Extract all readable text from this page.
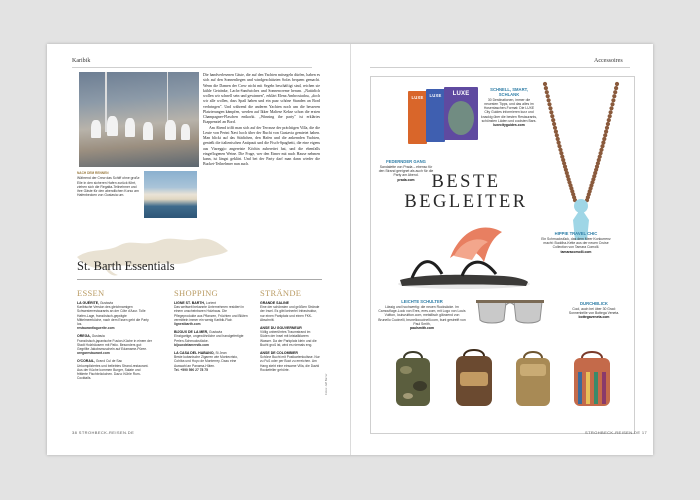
Karibik
NACH DEM RENNEN
Während der Crew das Schiff ohne große Eile in den sicheren Hafen zurück führt, ziehen sich die Regatta-Teilnehmer und ihre Gäste für den abendlichen Korso am Hafenbecken von Gustavia um.

Die handverlesenen Gäste, die auf den Yachten mitsegeln dürfen, haben es sich auf den Sonnenliegen und windgeschützten Sofas bequem gemacht. Wenn die Damen der Crew nicht mit Segeln beschäftigt sind, reichen sie kühle Getränke, Lachs-Sandwiches und Sonnencreme herum. „Natürlich wollen wir schnell sein und gewinnen", erklärt Elena Ambrosiadou, „doch wir alle wollen, dass Spaß haben und ein paar schöne Stunden an Bord verbringen". Und während die anderen Yachten noch um die besseren Platzierungen kämpfen, werden auf Ikker Maltese Kekse schon die ersten Champagner-Flaschen entkorkt. „Winning the party" ist erklärtes Etappenziel an Bord.

Am Abend trifft man sich auf der Terrasse der prächtigen Villa, die die Leute von Perini Navi hoch über der Bucht von Gustavia gemietet haben. Man blickt auf das Städtchen, den Hafen und die ankernden Yachten, genießt die italienischen Antipasti und die Fisch-Spaghetti, die eine eigens aus Viareggio angereiste Köchin zubereitet hat, und die ebenfalls eingeflogenen Weine. Die Frage, wer den Eimer mit nach Hause nehmen kann, ist längst geklärt. Und bei der Party darf man dann wieder die Bucket-Teilnehmer nun auch.

St. Barth Essentials
ESSEN
LA GUÉRITE, Gustavia
Karibische Version des gleichnamigen Schwesterrestaurants an der Côte d'Azur. Tolle Hafen-Lage, französisch-geprägte Mittelmeerküche, nach dem Essen geht die Party los.
restaurantlaguerite.com
OREGA, Gustavia
Französisch-japanische Fusion-Küche in einem der Stadt Holzhäusern mit Patio. Besonders gut: Gegrillte Jakobsmuscheln auf Edamame-Püree.
oregarestaurant.com
O'CORAIL, Grand Cul de Sac
Unkompliziertes und beliebtes Strand-restaurant. Aus der Küche kommen Burger, Salate und frittierte Fischbröckchen. Dazu: Kühle Rum-Cocktails.
SHOPPING
LIGNE ST. BARTH, Lorient
Das weltweit bekannte Unternehmen residiert in einem unscheinbaren Holzhaus. Die Pflegeprodukte aus Pflanzen, Früchten und Blüten vermitteln immer ein wenig Karibik-Flair.
lignestbarth.com
BIJOUX DE LA MER, Gustavia
Einzigartige, ungewöhnliche und handgefertigte Perlen-Schmuckstücke.
bijouxdelamerstb.com
LA CASA DEL HABANO, St Jean
Beste kubanische Zigarren wie Montecristo, Cohiba und Hoyo de Monterrey. Dazu eine Auswahl an Panama-Hüten.
Tel. +590 590 27 78 75
STRÄNDE
GRANDE SALINE
Eine der schönsten und größten Strände der Insel. Es gibt keinerlei Infrastruktur, nur einen Parkplatz und einen FKK-Abschnitt.
ANSE DU GOUVERNEUR
Völlig unberührtes Traumstrand im Süden der Insel mit kristallklarem Wasser. Da der Parkplatz klein und die Bucht groß ist, wird es niemals eng.
ANSE DE COLOMBIER
Schöne Bucht mit Postkartenkulisse. Nur zu Fuß oder per Boot zu erreichen. Am Hang steht eine einsame Villa, die David Rockefeller gehörte.
Fotos: Jeff Barrer
38 STROHBECK-REISEN.DE
Accessoires
LUXE	LUXE	LUXE
SCHNELL, SMART, SCHLANK
30 Destinationen, immer die neuesten Tipps, und das alles im Hosentaschen-Format: Die LUXE City Guides informieren kurz und knackig über die besten Restaurants, schönsten Läden und coolsten Bars.
luxecityguides.com
BESTE BEGLEITER
FEDERNDER GANG
Sandalette von Prada – ebenso für den Strand geeignet als auch für die Party am Abend.
prada.com
HIPPIE TRAVEL CHIC
Ein Schmuckstück, das dem Meer Konkurrenz macht: Buddha-Kette aus der neuen Cruise Collection von Tamara Comolli.
tamaracomolli.com
LEICHTE SCHULTER
Lässig und hochwertig: die neuen Rucksäcke. Im Camouflage-Look von Eres, eres.com, mit Logo von Louis Vuitton, louisvuitton.com, metallisch glänzend von Brunello Cucinelli, brunellocucinelli.com, bunt gestreift von Paul Smith,
paulsmith.com
DURCHBLICK
Cool, auch bei über 30 Grad: Sonnenbrille von Bottega Veneta.
bottegaveneta.com
STROHBECK-REISEN.DE 17
